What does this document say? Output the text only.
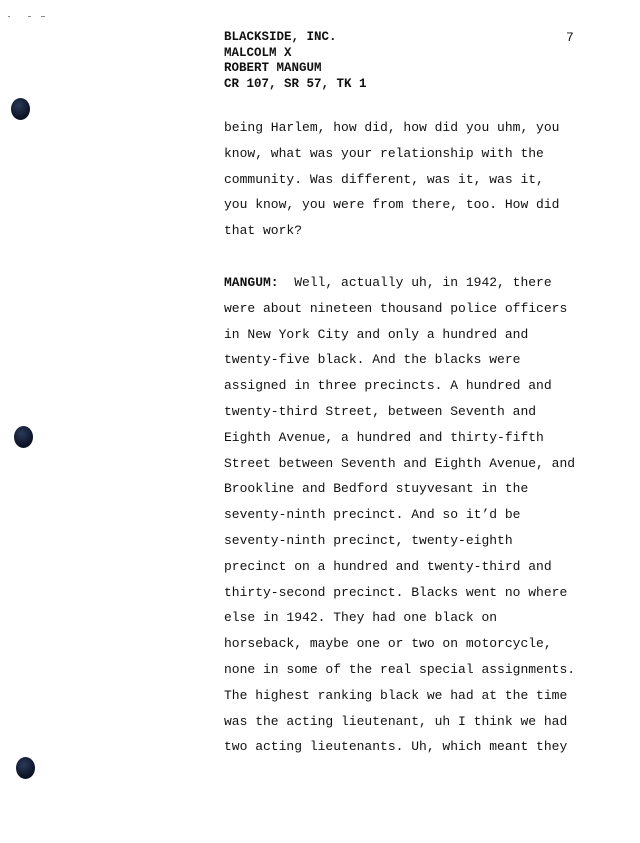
BLACKSIDE, INC.
MALCOLM X
ROBERT MANGUM
CR 107, SR 57, TK 1
7
being Harlem, how did, how did you uhm, you
know, what was your relationship with the
community. Was different, was it, was it,
you know, you were from there, too. How did
that work?
MANGUM:  Well, actually uh, in 1942, there
were about nineteen thousand police officers
in New York City and only a hundred and
twenty-five black. And the blacks were
assigned in three precincts. A hundred and
twenty-third Street, between Seventh and
Eighth Avenue, a hundred and thirty-fifth
Street between Seventh and Eighth Avenue, and
Brookline and Bedford stuyvesant in the
seventy-ninth precinct. And so it’d be
seventy-ninth precinct, twenty-eighth
precinct on a hundred and twenty-third and
thirty-second precinct. Blacks went no where
else in 1942. They had one black on
horseback, maybe one or two on motorcycle,
none in some of the real special assignments.
The highest ranking black we had at the time
was the acting lieutenant, uh I think we had
two acting lieutenants. Uh, which meant they
